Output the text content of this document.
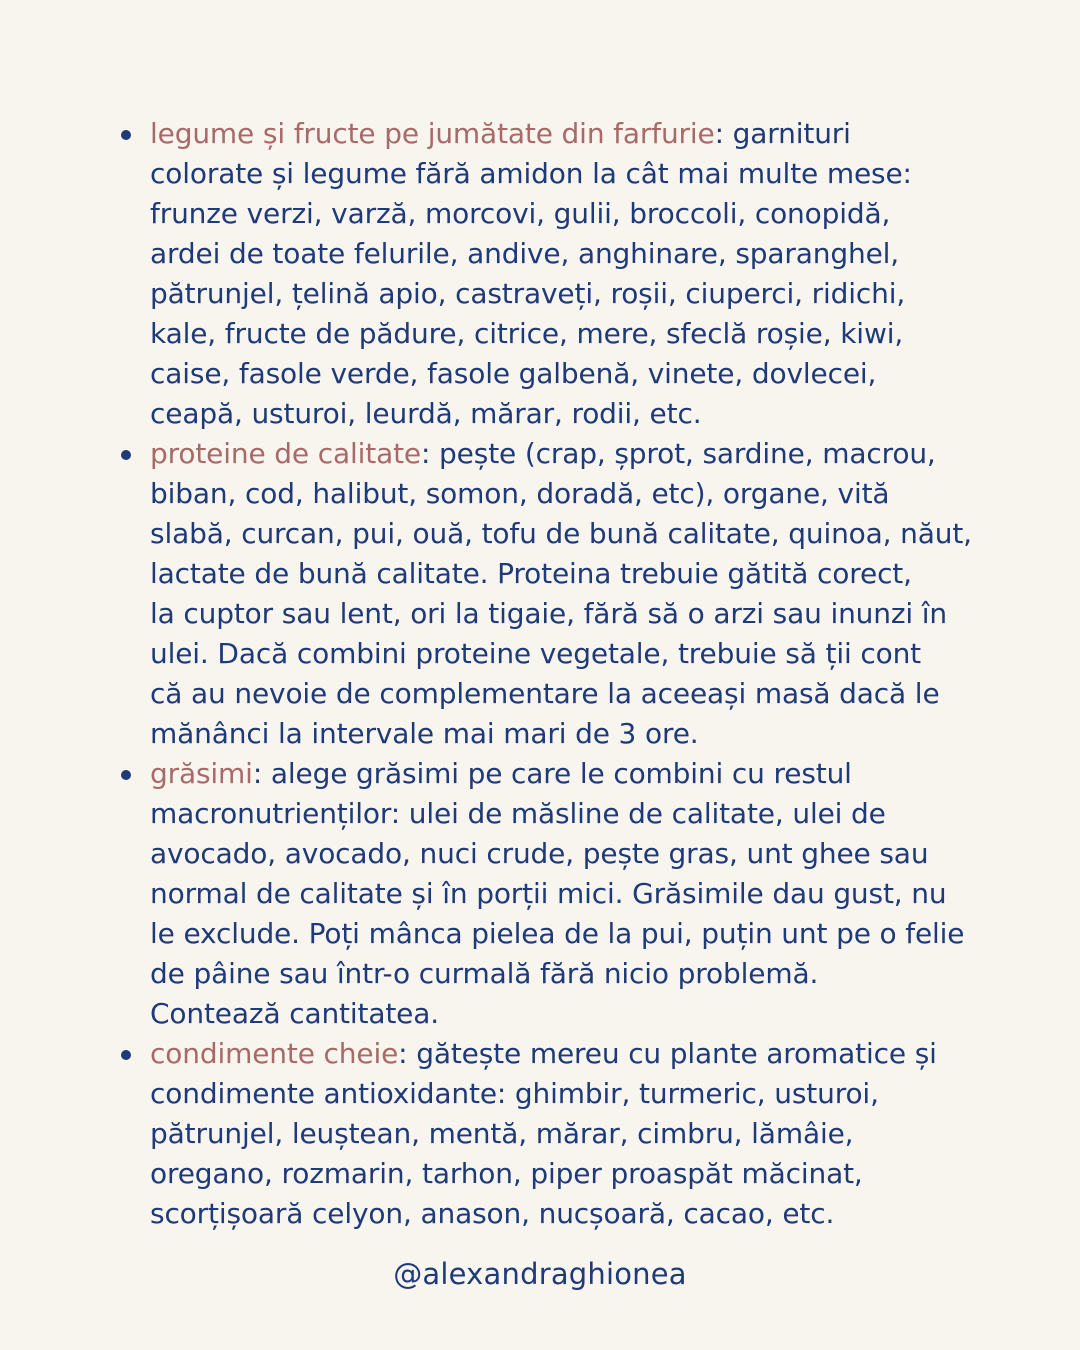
legume și fructe pe jumătate din farfurie: garnituri
colorate și legume fără amidon la cât mai multe mese:
frunze verzi, varză, morcovi, gulii, broccoli, conopidă,
ardei de toate felurile, andive, anghinare, sparanghel,
pătrunjel, țelină apio, castraveți, roșii, ciuperci, ridichi,
kale, fructe de pădure, citrice, mere, sfeclă roșie, kiwi,
caise, fasole verde, fasole galbenă, vinete, dovlecei,
ceapă, usturoi, leurdă, mărar, rodii, etc.
proteine de calitate: pește (crap, șprot, sardine, macrou,
biban, cod, halibut, somon, doradă, etc), organe, vită
slabă, curcan, pui, ouă, tofu de bună calitate, quinoa, năut,
lactate de bună calitate. Proteina trebuie gătită corect,
la cuptor sau lent, ori la tigaie, fără să o arzi sau inunzi în
ulei. Dacă combini proteine vegetale, trebuie să ții cont
că au nevoie de complementare la aceeași masă dacă le
mănânci la intervale mai mari de 3 ore.
grăsimi: alege grăsimi pe care le combini cu restul
macronutrienților: ulei de măsline de calitate, ulei de
avocado, avocado, nuci crude, pește gras, unt ghee sau
normal de calitate și în porții mici. Grăsimile dau gust, nu
le exclude. Poți mânca pielea de la pui, puțin unt pe o felie
de pâine sau într-o curmală fără nicio problemă.
Contează cantitatea.
condimente cheie: gătește mereu cu plante aromatice și
condimente antioxidante: ghimbir, turmeric, usturoi,
pătrunjel, leuștean, mentă, mărar, cimbru, lămâie,
oregano, rozmarin, tarhon, piper proaspăt măcinat,
scorțișoară celyon, anason, nucșoară, cacao, etc.
@alexandraghionea
